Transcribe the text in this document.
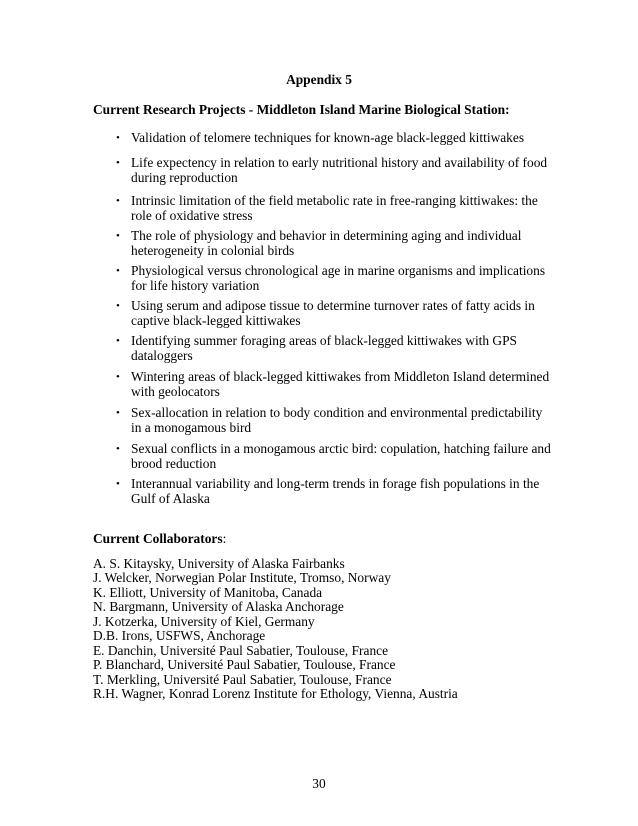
Appendix 5
Current Research Projects - Middleton Island Marine Biological Station:
• Validation of telomere techniques for known-age black-legged kittiwakes
• Life expectency in relation to early nutritional history and availability of food during reproduction
• Intrinsic limitation of the field metabolic rate in free-ranging kittiwakes: the role of oxidative stress
• The role of physiology and behavior in determining aging and individual heterogeneity in colonial birds
• Physiological versus chronological age in marine organisms and implications for life history variation
• Using serum and adipose tissue to determine turnover rates of fatty acids in captive black-legged kittiwakes
• Identifying summer foraging areas of black-legged kittiwakes with GPS dataloggers
• Wintering areas of black-legged kittiwakes from Middleton Island determined with geolocators
• Sex-allocation in relation to body condition and environmental predictability in a monogamous bird
• Sexual conflicts in a monogamous arctic bird: copulation, hatching failure and brood reduction
• Interannual variability and long-term trends in forage fish populations in the Gulf of Alaska
Current Collaborators:
A. S. Kitaysky, University of Alaska Fairbanks
J. Welcker, Norwegian Polar Institute, Tromso, Norway
K. Elliott, University of Manitoba, Canada
N. Bargmann, University of Alaska Anchorage
J. Kotzerka, University of Kiel, Germany
D.B. Irons, USFWS, Anchorage
E. Danchin, Université Paul Sabatier, Toulouse, France
P. Blanchard, Université Paul Sabatier, Toulouse, France
T. Merkling, Université Paul Sabatier, Toulouse, France
R.H. Wagner, Konrad Lorenz Institute for Ethology, Vienna, Austria
30
